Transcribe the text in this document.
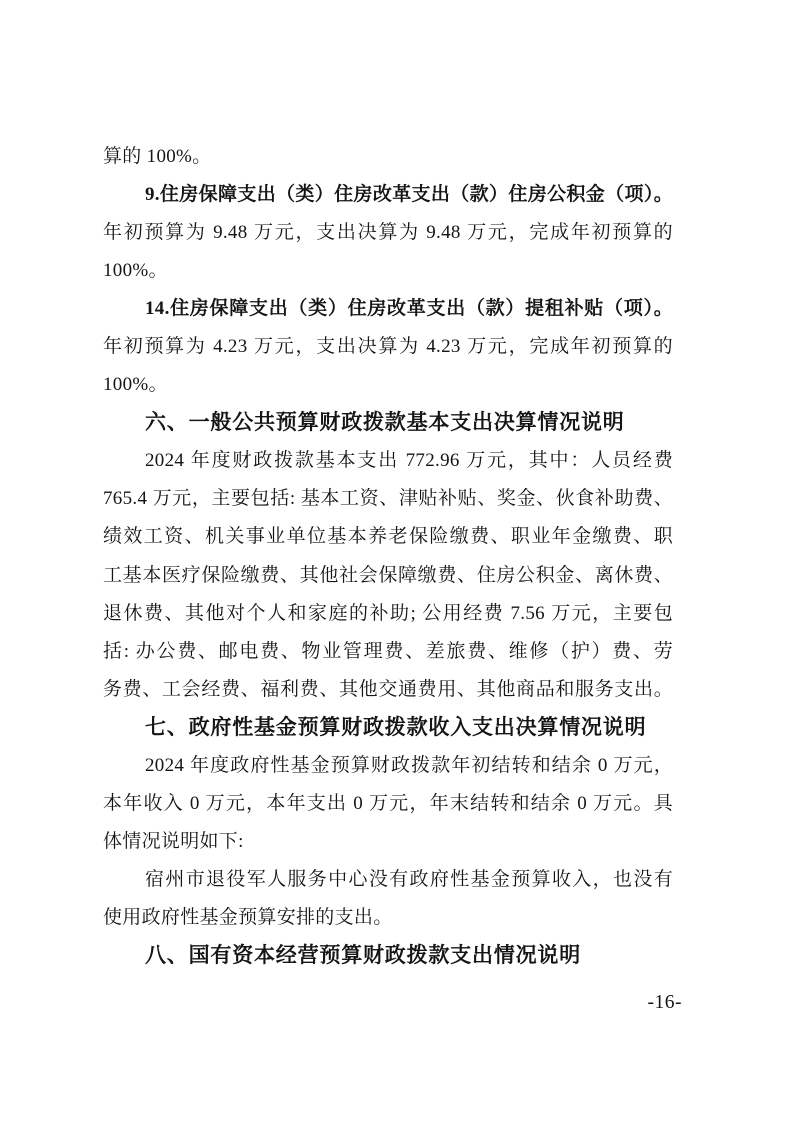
算的 100%。
9.住房保障支出（类）住房改革支出（款）住房公积金（项）。
年初预算为 9.48 万元，支出决算为 9.48 万元，完成年初预算的
100%。
14.住房保障支出（类）住房改革支出（款）提租补贴（项）。
年初预算为 4.23 万元，支出决算为 4.23 万元，完成年初预算的
100%。
六、一般公共预算财政拨款基本支出决算情况说明
2024 年度财政拨款基本支出 772.96 万元，其中：人员经费
765.4 万元，主要包括: 基本工资、津贴补贴、奖金、伙食补助费、
绩效工资、机关事业单位基本养老保险缴费、职业年金缴费、职
工基本医疗保险缴费、其他社会保障缴费、住房公积金、离休费、
退休费、其他对个人和家庭的补助; 公用经费 7.56 万元，主要包
括: 办公费、邮电费、物业管理费、差旅费、维修（护）费、劳
务费、工会经费、福利费、其他交通费用、其他商品和服务支出。
七、政府性基金预算财政拨款收入支出决算情况说明
2024 年度政府性基金预算财政拨款年初结转和结余 0 万元，
本年收入 0 万元，本年支出 0 万元，年末结转和结余 0 万元。具
体情况说明如下:
宿州市退役军人服务中心没有政府性基金预算收入，也没有
使用政府性基金预算安排的支出。
八、国有资本经营预算财政拨款支出情况说明
-16-
